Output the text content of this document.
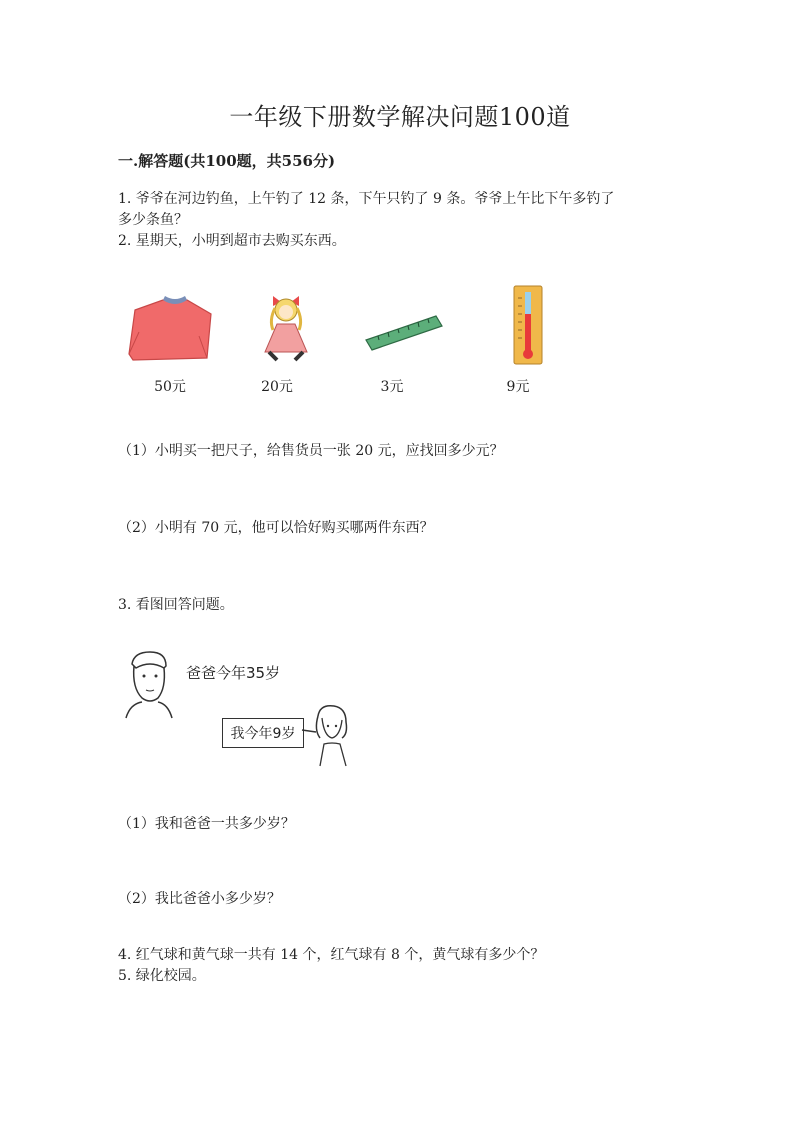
一年级下册数学解决问题100道
一.解答题(共100题，共556分)
1. 爷爷在河边钓鱼，上午钓了 12 条，下午只钓了 9 条。爷爷上午比下午多钓了
多少条鱼？
2. 星期天，小明到超市去购买东西。
50元	20元	3元	9元
（1）小明买一把尺子，给售货员一张 20 元，应找回多少元？
（2）小明有 70 元，他可以恰好购买哪两件东西？
3. 看图回答问题。
爸爸今年35岁
我今年9岁
（1）我和爸爸一共多少岁？
（2）我比爸爸小多少岁？
4. 红气球和黄气球一共有 14 个，红气球有 8 个，黄气球有多少个？
5. 绿化校园。
